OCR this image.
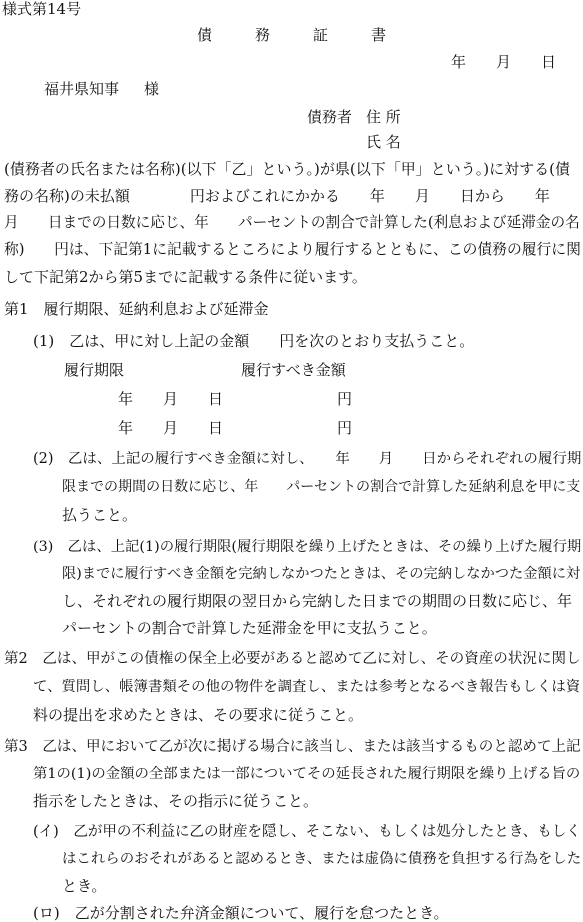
様式第14号
債	務	証	書
年 月 日
福井県知事 様
債務者 住 所
氏 名
(債務者の氏名または名称)(以下「乙」という。)が県(以下「甲」という。)に対する(債
務の名称)の未払額　　　　円およびこれにかかる　　年　　月　　日から　　年
月　　日までの日数に応じ、年　　パーセントの割合で計算した(利息および延滞金の名
称)　　円は、下記第1に記載するところにより履行するとともに、この債務の履行に関
して下記第2から第5までに記載する条件に従います。
第1　履行期限、延納利息および延滞金
(1)　乙は、甲に対し上記の金額　　円を次のとおり支払うこと。
履行期限	履行すべき金額
年　　月　　日	円
年　　月　　日	円
(2)　乙は、上記の履行すべき金額に対し、　　年　　月　　日からそれぞれの履行期
限までの期間の日数に応じ、年　　パーセントの割合で計算した延納利息を甲に支
払うこと。
(3)　乙は、上記(1)の履行期限(履行期限を繰り上げたときは、その繰り上げた履行期
限)までに履行すべき金額を完納しなかつたときは、その完納しなかつた金額に対
し、それぞれの履行期限の翌日から完納した日までの期間の日数に応じ、年
パーセントの割合で計算した延滞金を甲に支払うこと。
第2　乙は、甲がこの債権の保全上必要があると認めて乙に対し、その資産の状況に関し
て、質問し、帳簿書類その他の物件を調査し、または参考となるべき報告もしくは資
料の提出を求めたときは、その要求に従うこと。
第3　乙は、甲において乙が次に掲げる場合に該当し、または該当するものと認めて上記
第1の(1)の金額の全部または一部についてその延長された履行期限を繰り上げる旨の
指示をしたときは、その指示に従うこと。
(イ)　乙が甲の不利益に乙の財産を隠し、そこない、もしくは処分したとき、もしく
はこれらのおそれがあると認めるとき、または虚偽に債務を負担する行為をした
とき。
(ロ)　乙が分割された弁済金額について、履行を怠つたとき。
